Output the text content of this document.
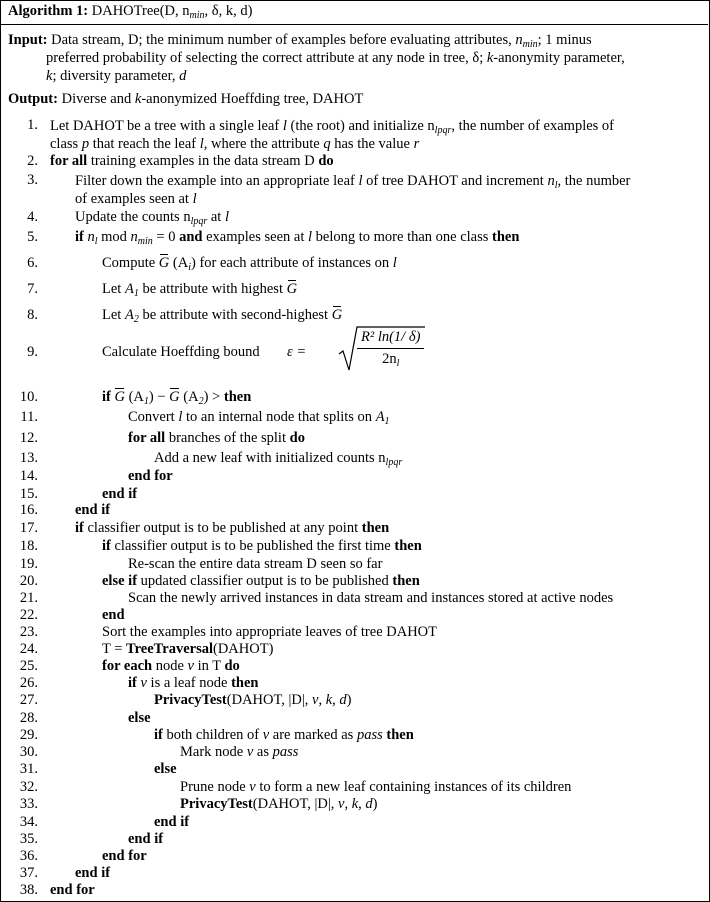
Algorithm 1: DAHOTree(D, $n_{min}$, δ, k, d)
Input: Data stream, D; the minimum number of examples before evaluating attributes, $n_{min}$; 1 minus
preferred probability of selecting the correct attribute at any node in tree, δ; k-anonymity parameter,
k; diversity parameter, d
Output: Diverse and k-anonymized Hoeffding tree, DAHOT
1. Let DAHOT be a tree with a single leaf l (the root) and initialize $n_{lpqr}$, the number of examples of
class p that reach the leaf l, where the attribute q has the value r
2. for all training examples in the data stream D do
3.	Filter down the example into an appropriate leaf l of tree DAHOT and increment $n_l$, the number
of examples seen at l
4.	Update the counts $n_{lpqr}$ at l
5.	if $n_l$ mod $n_{min} = 0$ and examples seen at l belong to more than one class then
6.	Compute G $(A_i)$ for each attribute of instances on l
7.	Let $A_1$ be attribute with highest G
8.	Let $A_2$ be attribute with second-highest G
9.	Calculate Hoeffding bound ε =	$\frac{\text{R² ln(1/ δ)}}{2n_l}$
10.	if G $(A_1) - G$ $(A_2)$ > then
11.	Convert l to an internal node that splits on $A_1$
12.	for all branches of the split do
13.	Add a new leaf with initialized counts $n_{lpqr}$
14.	end for
15.	end if
16.	end if
17.	if classifier output is to be published at any point then
18.	if classifier output is to be published the first time then
19.	Re-scan the entire data stream D seen so far
20.	else if updated classifier output is to be published then
21.	Scan the newly arrived instances in data stream and instances stored at active nodes
22.	end
23.	Sort the examples into appropriate leaves of tree DAHOT
24.	T = TreeTraversal(DAHOT)
25.	for each node v in T do
26.	if v is a leaf node then
27.	PrivacyTest(DAHOT, |D|, v, k, d)
28.	else
29.	if both children of v are marked as pass then
30.	Mark node v as pass
31.	else
32.	Prune node v to form a new leaf containing instances of its children
33.	PrivacyTest(DAHOT, |D|, v, k, d)
34.	end if
35.	end if
36.	end for
37.	end if
38. end for
